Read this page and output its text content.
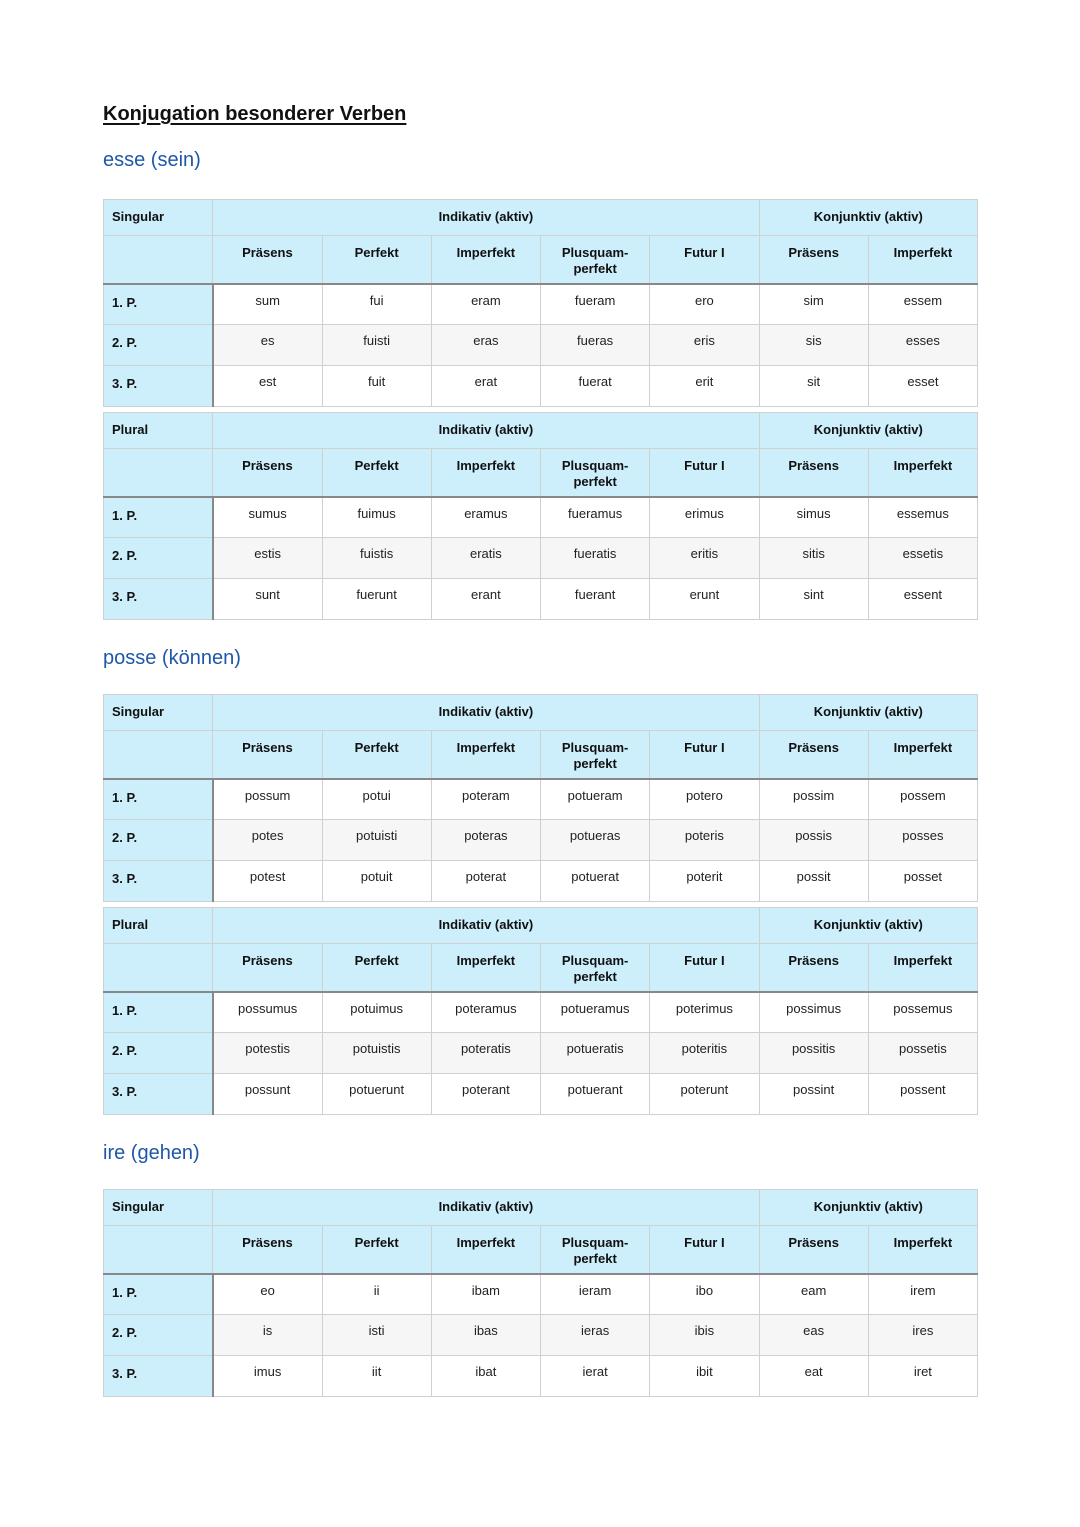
Konjugation besonderer Verben
esse (sein)
Singular	Indikativ (aktiv)					Konjunktiv (aktiv)	
	Präsens	Perfekt	Imperfekt	Plusquam-
perfekt	Futur I	Präsens	Imperfekt
1. P.	sum	fui	eram	fueram	ero	sim	essem
2. P.	es	fuisti	eras	fueras	eris	sis	esses
3. P.	est	fuit	erat	fuerat	erit	sit	esset
Plural	Indikativ (aktiv)					Konjunktiv (aktiv)	
	Präsens	Perfekt	Imperfekt	Plusquam-
perfekt	Futur I	Präsens	Imperfekt
1. P.	sumus	fuimus	eramus	fueramus	erimus	simus	essemus
2. P.	estis	fuistis	eratis	fueratis	eritis	sitis	essetis
3. P.	sunt	fuerunt	erant	fuerant	erunt	sint	essent
posse (können)
Singular	Indikativ (aktiv)					Konjunktiv (aktiv)	
	Präsens	Perfekt	Imperfekt	Plusquam-
perfekt	Futur I	Präsens	Imperfekt
1. P.	possum	potui	poteram	potueram	potero	possim	possem
2. P.	potes	potuisti	poteras	potueras	poteris	possis	posses
3. P.	potest	potuit	poterat	potuerat	poterit	possit	posset
Plural	Indikativ (aktiv)					Konjunktiv (aktiv)	
	Präsens	Perfekt	Imperfekt	Plusquam-
perfekt	Futur I	Präsens	Imperfekt
1. P.	possumus	potuimus	poteramus	potueramus	poterimus	possimus	possemus
2. P.	potestis	potuistis	poteratis	potueratis	poteritis	possitis	possetis
3. P.	possunt	potuerunt	poterant	potuerant	poterunt	possint	possent
ire (gehen)
Singular	Indikativ (aktiv)					Konjunktiv (aktiv)	
	Präsens	Perfekt	Imperfekt	Plusquam-
perfekt	Futur I	Präsens	Imperfekt
1. P.	eo	ii	ibam	ieram	ibo	eam	irem
2. P.	is	isti	ibas	ieras	ibis	eas	ires
3. P.	imus	iit	ibat	ierat	ibit	eat	iret
